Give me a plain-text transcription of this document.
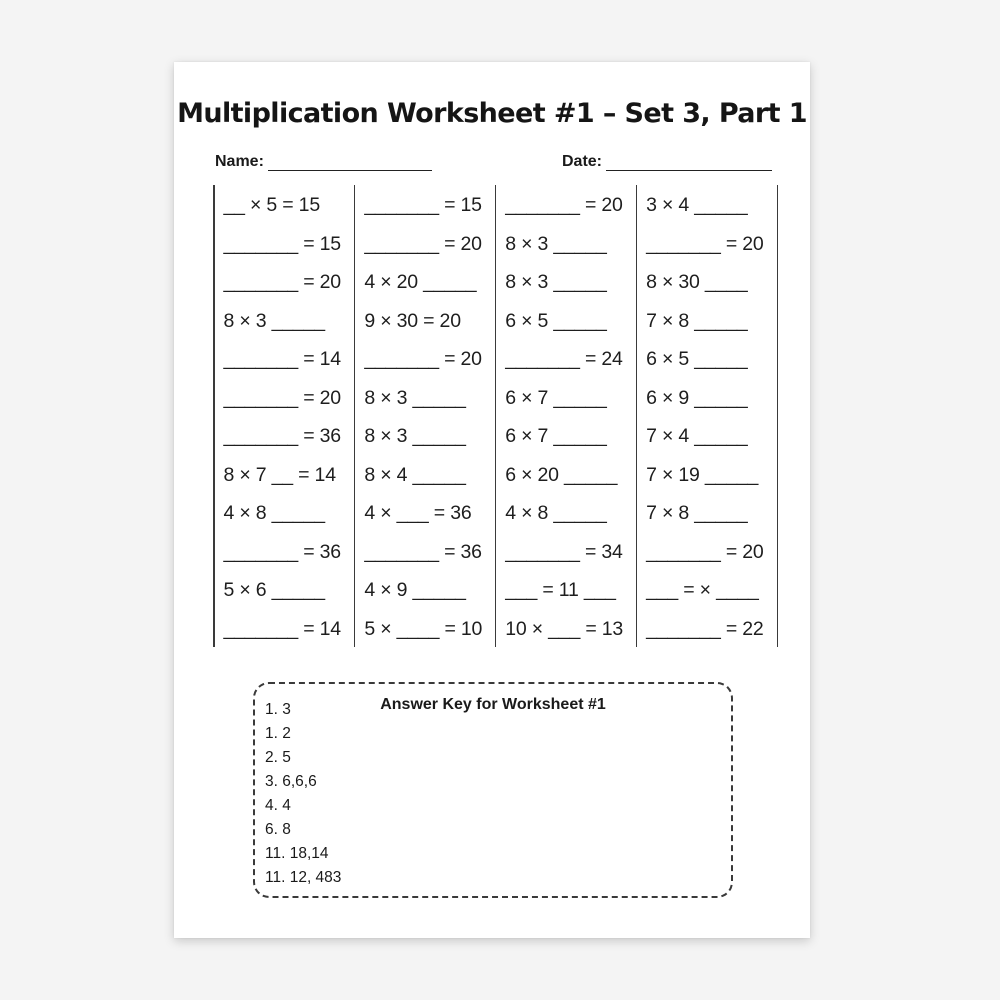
Multiplication Worksheet #1 – Set 3, Part 1
Name:	Date:
__ × 5 = 15
_______ = 15
_______ = 20
8 × 3 _____
_______ = 14
_______ = 20
_______ = 36
8 × 7 __ = 14
4 × 8 _____
_______ = 36
5 × 6 _____
_______ = 14
_______ = 15
_______ = 20
4 × 20 _____
9 × 30 = 20
_______ = 20
8 × 3 _____
8 × 3 _____
8 × 4 _____
4 × ___ = 36
_______ = 36
4 × 9 _____
5 × ____ = 10
_______ = 20
8 × 3 _____
8 × 3 _____
6 × 5 _____
_______ = 24
6 × 7 _____
6 × 7 _____
6 × 20 _____
4 × 8 _____
_______ = 34
___ = 11 ___
10 × ___ = 13
3 × 4 _____
_______ = 20
8 × 30 ____
7 × 8 _____
6 × 5 _____
6 × 9 _____
7 × 4 _____
7 × 19 _____
7 × 8 _____
_______ = 20
___ = × ____
_______ = 22
Answer Key for Worksheet #1
1. 3
1. 2
2. 5
3. 6,6,6
4. 4
6. 8
11. 18,14
11. 12, 483
